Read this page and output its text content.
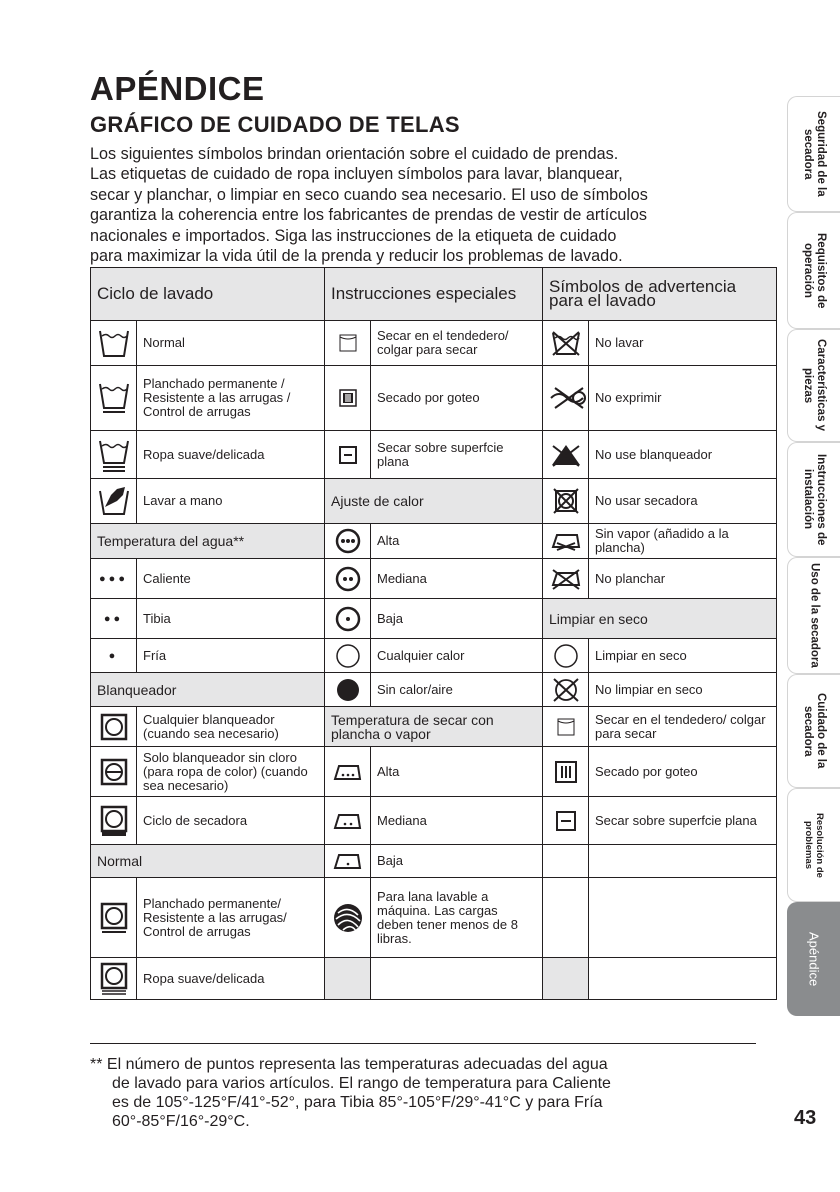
APÉNDICE
GRÁFICO DE CUIDADO DE TELAS
Los siguientes símbolos brindan orientación sobre el cuidado de prendas.
Las etiquetas de cuidado de ropa incluyen símbolos para lavar, blanquear,
secar y planchar, o limpiar en seco cuando sea necesario. El uso de símbolos
garantiza la coherencia entre los fabricantes de prendas de vestir de artículos
nacionales e importados. Siga las instrucciones de la etiqueta de cuidado
para maximizar la vida útil de la prenda y reducir los problemas de lavado.
Ciclo de lavado		Instrucciones especiales		Símbolos de advertencia para el lavado	

	Normal		Secar en el tendedero/ colgar para secar		No lavar

	Planchado permanente / Resistente a las arrugas / Control de arrugas		Secado por goteo		No exprimir

	Ropa suave/delicada		Secar sobre superfcie plana		No use blanqueador

	Lavar a mano	Ajuste de calor			No usar secadora
Temperatura del agua**			Alta		Sin vapor (añadido a la plancha)
●●●	Caliente		Mediana		No planchar
●●	Tibia		Baja	Limpiar en seco	
●	Fría		Cualquier calor		Limpiar en seco
Blanqueador			Sin calor/aire		No limpiar en seco

	Cualquier blanqueador (cuando sea necesario)	Temperatura de secar con plancha o vapor			Secar en el tendedero/ colgar para secar

	Solo blanqueador sin cloro (para ropa de color) (cuando sea necesario)		Alta		Secado por goteo

	Ciclo de secadora		Mediana		Secar sobre superfcie plana
Normal			Baja		

	Planchado permanente/ Resistente a las arrugas/ Control de arrugas		Para lana lavable a máquina. Las cargas deben tener menos de 8 libras.		

	Ropa suave/delicada				
** El número de puntos representa las temperaturas adecuadas del agua
de lavado para varios artículos. El rango de temperatura para Caliente
es de 105°-125°F/41°-52°, para Tibia 85°-105°F/29°-41°C y para Fría
60°-85°F/16°-29°C.	43
Seguridad de la secadora
Requisitos de operación
Características y piezas
Instrucciones de instalación
Uso de la secadora
Cuidado de la secadora
Resolución de problemas
Apéndice
